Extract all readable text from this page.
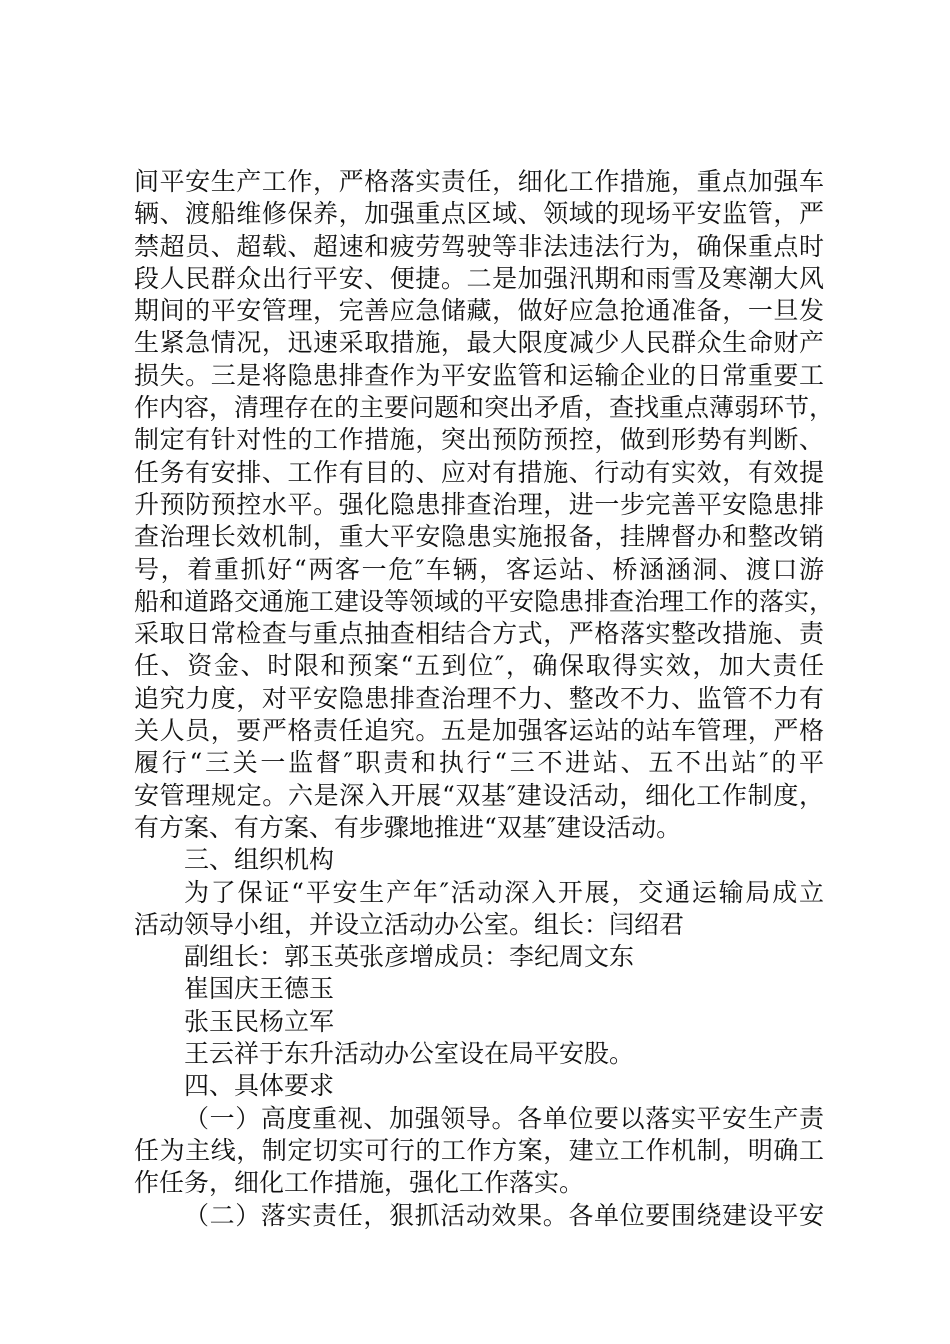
间平安生产工作，严格落实责任，细化工作措施，重点加强车
辆、渡船维修保养，加强重点区域、领域的现场平安监管，严
禁超员、超载、超速和疲劳驾驶等非法违法行为，确保重点时
段人民群众出行平安、便捷。二是加强汛期和雨雪及寒潮大风
期间的平安管理，完善应急储藏，做好应急抢通准备，一旦发
生紧急情况，迅速采取措施，最大限度减少人民群众生命财产
损失。三是将隐患排查作为平安监管和运输企业的日常重要工
作内容，清理存在的主要问题和突出矛盾，查找重点薄弱环节，
制定有针对性的工作措施，突出预防预控，做到形势有判断、
任务有安排、工作有目的、应对有措施、行动有实效，有效提
升预防预控水平。强化隐患排查治理，进一步完善平安隐患排
查治理长效机制，重大平安隐患实施报备，挂牌督办和整改销
号，着重抓好“两客一危″车辆，客运站、桥涵涵洞、渡口游
船和道路交通施工建设等领域的平安隐患排查治理工作的落实，
采取日常检查与重点抽查相结合方式，严格落实整改措施、责
任、资金、时限和预案“五到位″，确保取得实效，加大责任
追究力度，对平安隐患排查治理不力、整改不力、监管不力有
关人员，要严格责任追究。五是加强客运站的站车管理，严格
履行“三关一监督″职责和执行“三不进站、五不出站″的平
安管理规定。六是深入开展“双基″建设活动，细化工作制度，
有方案、有方案、有步骤地推进“双基″建设活动。
三、组织机构
为了保证“平安生产年″活动深入开展，交通运输局成立
活动领导小组，并设立活动办公室。组长：闫绍君
副组长：郭玉英张彦增成员：李纪周文东
崔国庆王德玉
张玉民杨立军
王云祥于东升活动办公室设在局平安股。
四、具体要求
（一）高度重视、加强领导。各单位要以落实平安生产责
任为主线，制定切实可行的工作方案，建立工作机制，明确工
作任务，细化工作措施，强化工作落实。
（二）落实责任，狠抓活动效果。各单位要围绕建设平安
